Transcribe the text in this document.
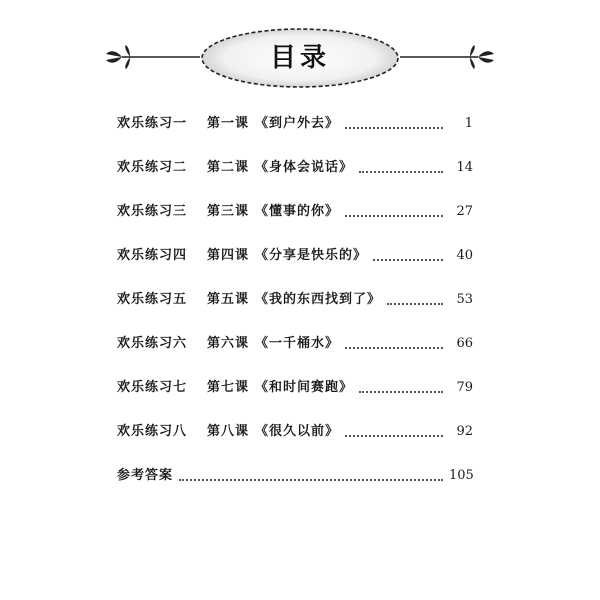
目录
欢乐练习一	第一课 《到户外去》	1
欢乐练习二	第二课 《身体会说话》	14
欢乐练习三	第三课 《懂事的你》	27
欢乐练习四	第四课 《分享是快乐的》	40
欢乐练习五	第五课 《我的东西找到了》	53
欢乐练习六	第六课 《一千桶水》	66
欢乐练习七	第七课 《和时间赛跑》	79
欢乐练习八	第八课 《很久以前》	92
参考答案	105
